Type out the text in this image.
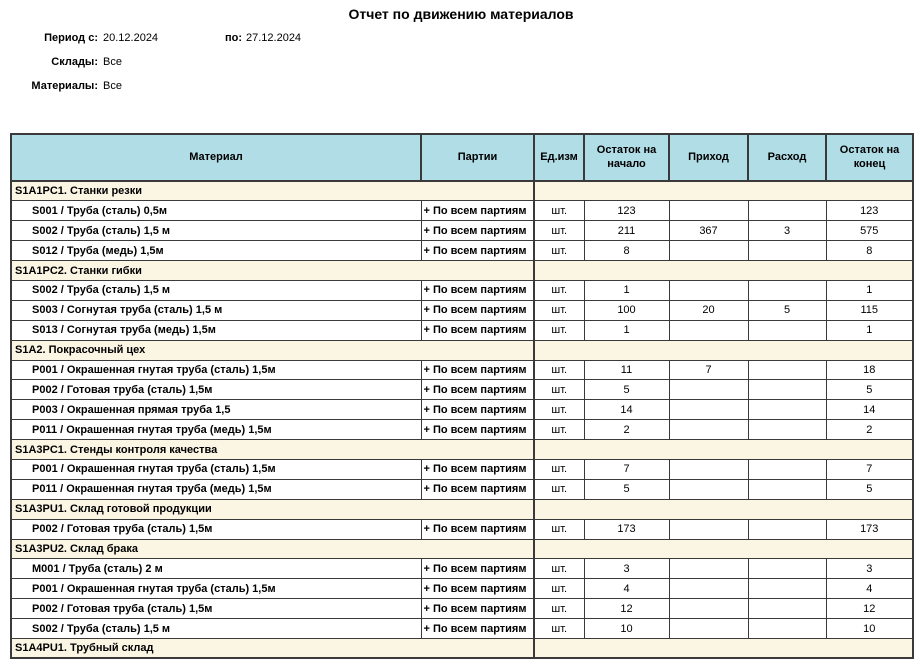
Отчет по движению материалов
Период с: 20.12.2024	по: 27.12.2024
Склады: Все
Материалы: Все
Материал	Партии	Ед.изм	Остаток на начало	Приход	Расход	Остаток на конец
S1A1PC1. Станки резки						
S001 / Труба (сталь) 0,5м	+ По всем партиям	шт.	123			123
S002 / Труба (сталь) 1,5 м	+ По всем партиям	шт.	211	367	3	575
S012 / Труба (медь) 1,5м	+ По всем партиям	шт.	8			8
S1A1PC2. Станки гибки						
S002 / Труба (сталь) 1,5 м	+ По всем партиям	шт.	1			1
S003 / Согнутая труба (сталь) 1,5 м	+ По всем партиям	шт.	100	20	5	115
S013 / Согнутая труба (медь) 1,5м	+ По всем партиям	шт.	1			1
S1A2. Покрасочный цех						
P001 / Окрашенная гнутая труба (сталь) 1,5м	+ По всем партиям	шт.	11	7		18
P002 / Готовая труба (сталь) 1,5м	+ По всем партиям	шт.	5			5
P003 / Окрашенная прямая труба 1,5	+ По всем партиям	шт.	14			14
P011 / Окрашенная гнутая труба (медь) 1,5м	+ По всем партиям	шт.	2			2
S1A3PC1. Стенды контроля качества						
P001 / Окрашенная гнутая труба (сталь) 1,5м	+ По всем партиям	шт.	7			7
P011 / Окрашенная гнутая труба (медь) 1,5м	+ По всем партиям	шт.	5			5
S1A3PU1. Склад готовой продукции						
P002 / Готовая труба (сталь) 1,5м	+ По всем партиям	шт.	173			173
S1A3PU2. Склад брака						
M001 / Труба (сталь) 2 м	+ По всем партиям	шт.	3			3
P001 / Окрашенная гнутая труба (сталь) 1,5м	+ По всем партиям	шт.	4			4
P002 / Готовая труба (сталь) 1,5м	+ По всем партиям	шт.	12			12
S002 / Труба (сталь) 1,5 м	+ По всем партиям	шт.	10			10
S1A4PU1. Трубный склад						
